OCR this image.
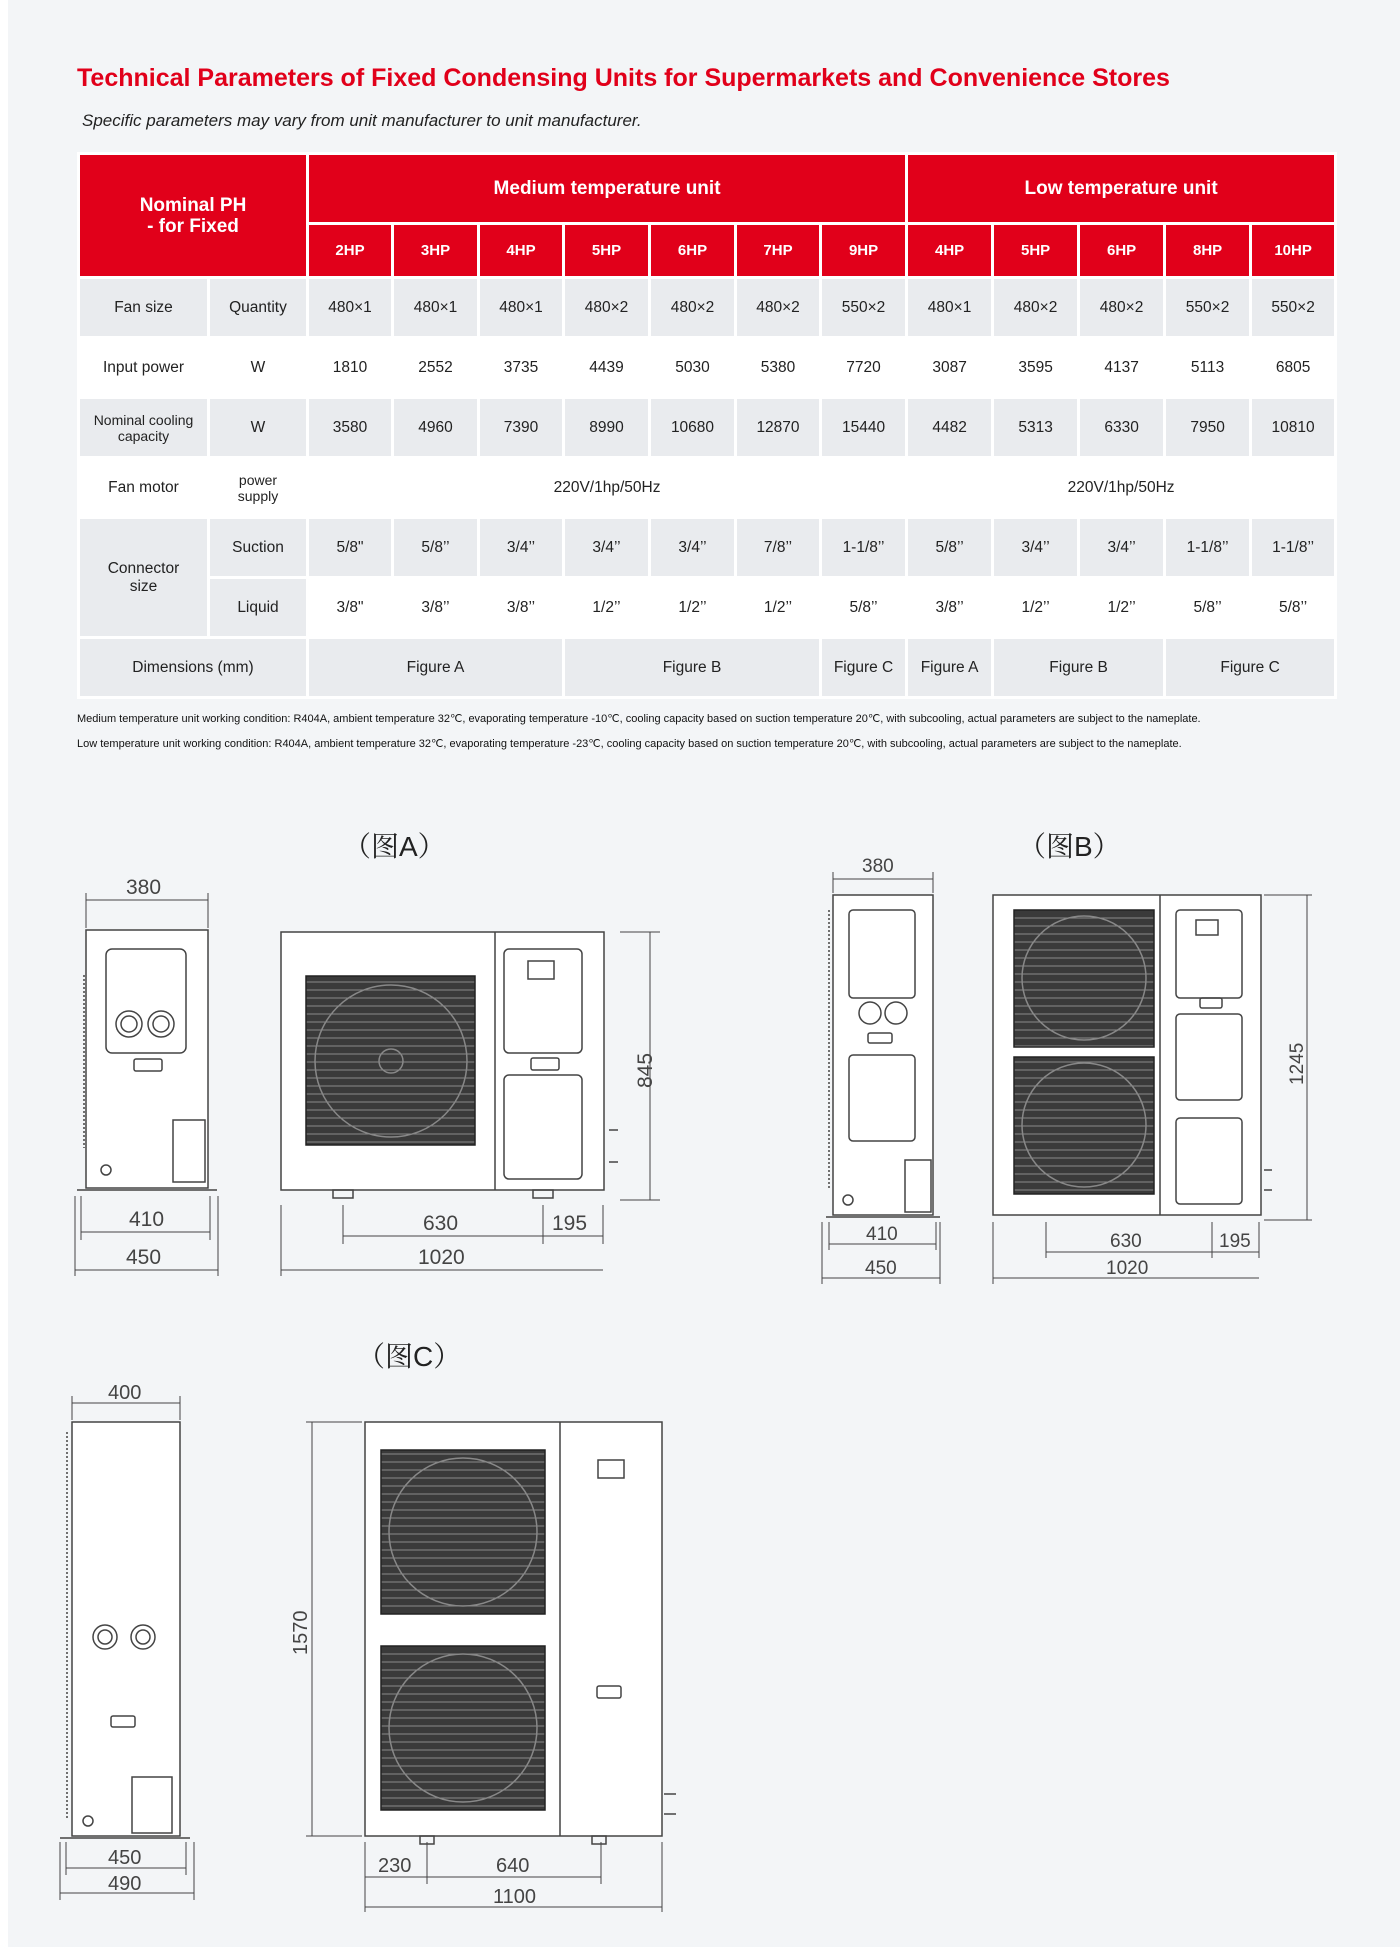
Technical Parameters of Fixed Condensing Units for Supermarkets and Convenience Stores
Specific parameters may vary from unit manufacturer to unit manufacturer.
Nominal PH
- for Fixed		Medium temperature unit							Low temperature unit				
		2HP	3HP	4HP	5HP	6HP	7HP	9HP	4HP	5HP	6HP	8HP	10HP
Fan size	Quantity	480×1	480×1	480×1	480×2	480×2	480×2	550×2	480×1	480×2	480×2	550×2	550×2
Input power	W	1810	2552	3735	4439	5030	5380	7720	3087	3595	4137	5113	6805

Nominal cooling
capacity	W	3580	4960	7390	8990	10680	12870	15440	4482	5313	6330	7950	10810
Fan motor	power
supply	220V/1hp/50Hz							220V/1hp/50Hz				

Connector
size	Suction	5/8"	5/8’’	3/4’’	3/4’’	3/4’’	7/8’’	1-1/8’’	5/8’’	3/4’’	3/4’’	1-1/8’’	1-1/8’’
	Liquid	3/8"	3/8’’	3/8’’	1/2’’	1/2’’	1/2’’	5/8’’	3/8’’	1/2’’	1/2’’	5/8’’	5/8’’
Dimensions (mm)		Figure A			Figure B			Figure C	Figure A	Figure B		Figure C	
Medium temperature unit working condition: R404A, ambient temperature 32℃, evaporating temperature -10℃, cooling capacity based on suction temperature 20℃, with subcooling, actual parameters are subject to the nameplate.
Low temperature unit working condition: R404A, ambient temperature 32℃, evaporating temperature -23℃, cooling capacity based on suction temperature 20℃, with subcooling, actual parameters are subject to the nameplate.
（图A）	（图B）
（图C）
380
410
450
630	195
1020
845
380
410
450
630	195
1020
1245
400
450
490
230	640
1100
1570
